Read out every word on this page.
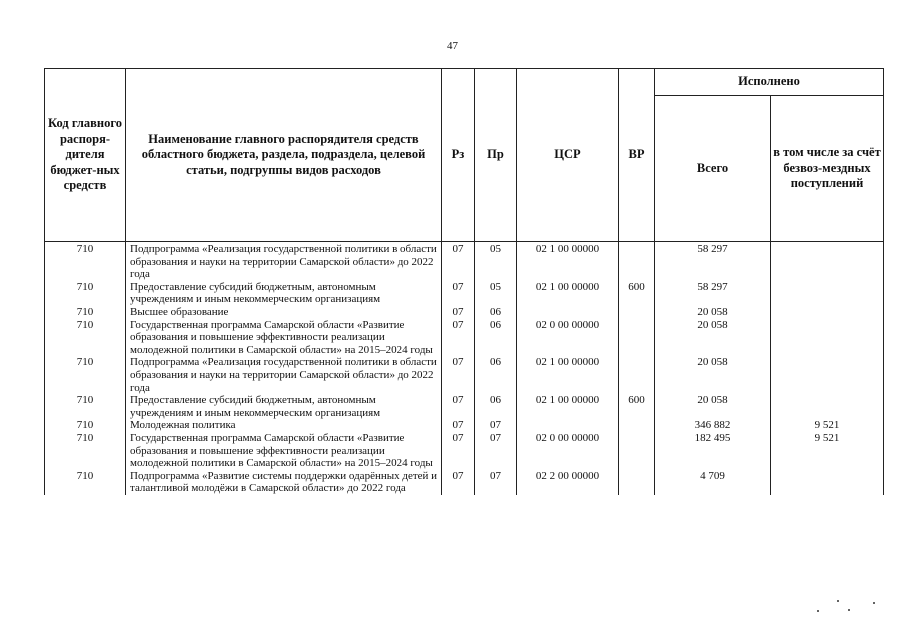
47
Код главного распоря-дителя бюджет-ных средств	Наименование главного распорядителя средств областного бюджета, раздела, подраздела, целевой статьи, подгруппы видов расходов	Рз	Пр	ЦСР	ВР	Исполнено	
						Всего	в том числе за счёт безвоз-мездных поступлений
710	Подпрограмма «Реализация государственной политики в области образования и науки на территории Самарской области» до 2022 года	07	05	02 1 00 00000		58 297	
710	Предоставление субсидий бюджетным, автономным учреждениям и иным некоммерческим организациям	07	05	02 1 00 00000	600	58 297	
710	Высшее образование	07	06			20 058	
710	Государственная программа Самарской области «Развитие образования и повышение эффективности реализации молодежной политики в Самарской области» на 2015–2024 годы	07	06	02 0 00 00000		20 058	
710	Подпрограмма «Реализация государственной политики в области образования и науки на территории Самарской области» до 2022 года	07	06	02 1 00 00000		20 058	
710	Предоставление субсидий бюджетным, автономным учреждениям и иным некоммерческим организациям	07	06	02 1 00 00000	600	20 058	
710	Молодежная политика	07	07			346 882	9 521
710	Государственная программа Самарской области «Развитие образования и повышение эффективности реализации молодежной политики в Самарской области» на 2015–2024 годы	07	07	02 0 00 00000		182 495	9 521
710	Подпрограмма «Развитие системы поддержки одарённых детей и талантливой молодёжи в Самарской области» до 2022 года	07	07	02 2 00 00000		4 709	
